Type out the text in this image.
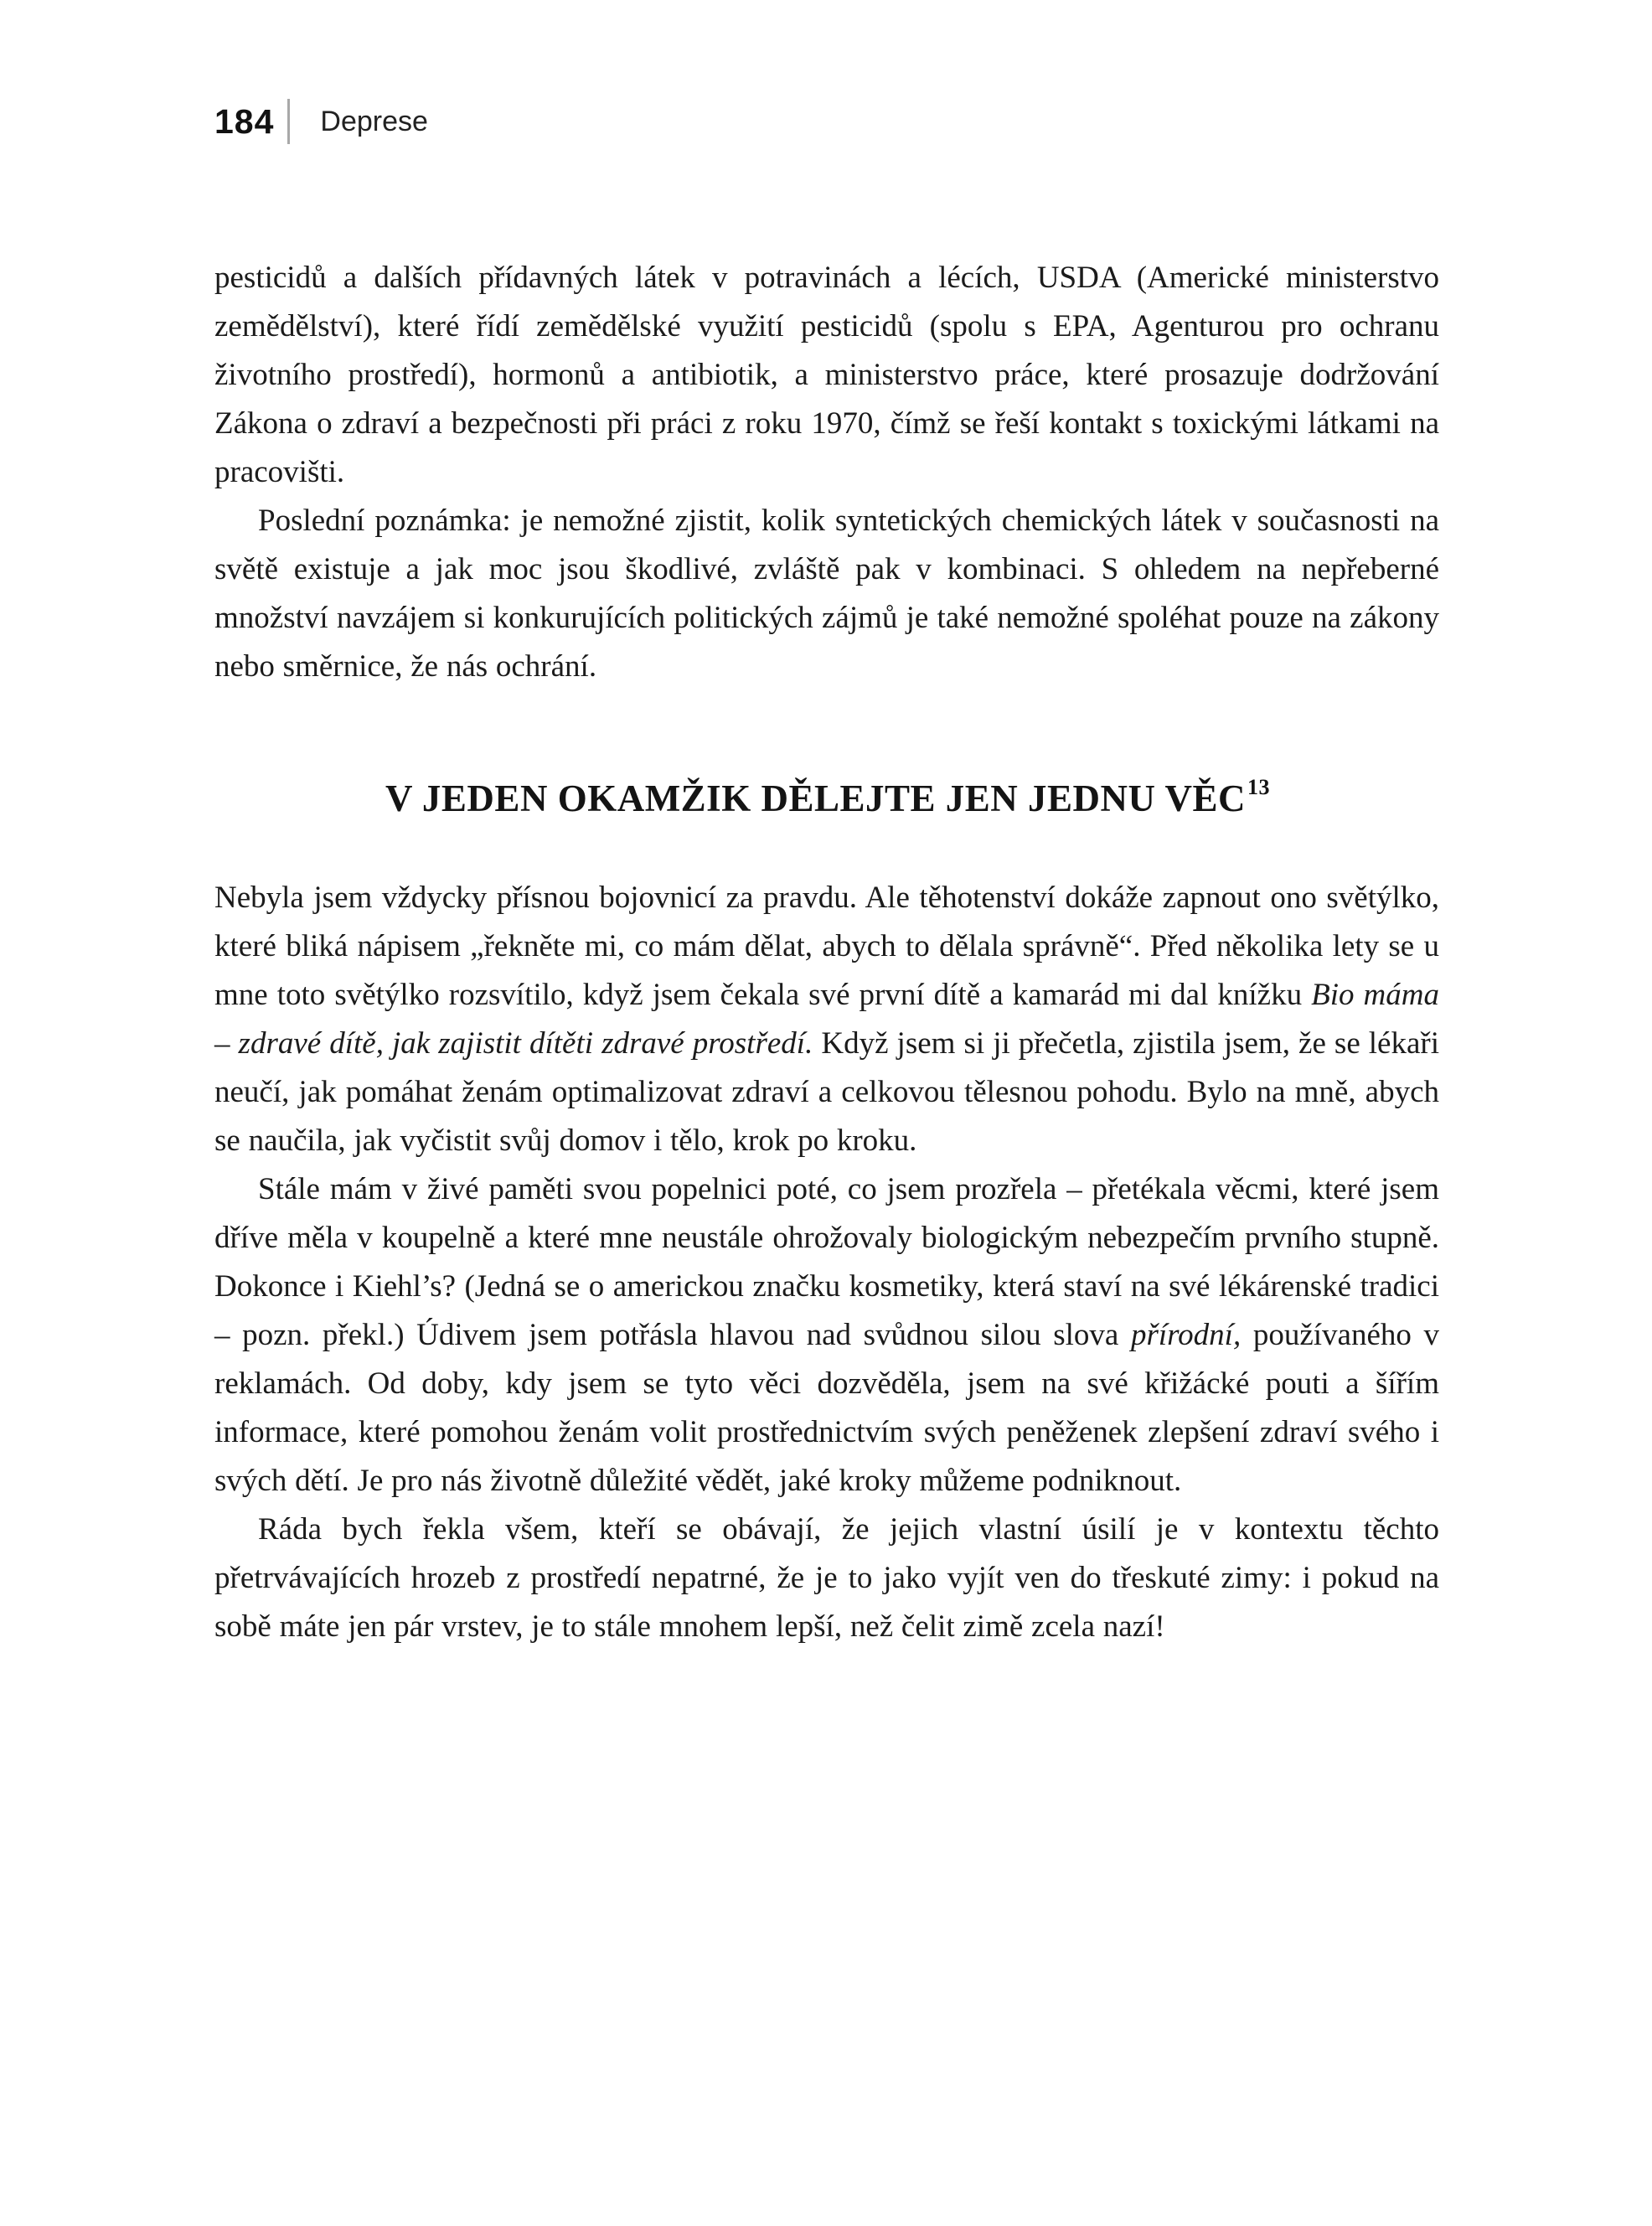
184 Deprese

pesticidů a dalších přídavných látek v potravinách a lécích, USDA (Americké ministerstvo zemědělství), které řídí zemědělské využití pesticidů (spolu s EPA, Agenturou pro ochranu životního prostředí), hormonů a antibiotik, a ministerstvo práce, které prosazuje dodržování Zákona o zdraví a bezpečnosti při práci z roku 1970, čímž se řeší kontakt s toxickými látkami na pracovišti.

Poslední poznámka: je nemožné zjistit, kolik syntetických chemických látek v současnosti na světě existuje a jak moc jsou škodlivé, zvláště pak v kombinaci. S ohledem na nepřeberné množství navzájem si konkurujících politických zájmů je také nemožné spoléhat pouze na zákony nebo směrnice, že nás ochrání.

V JEDEN OKAMŽIK DĚLEJTE JEN JEDNU VĚC$^{13}$

Nebyla jsem vždycky přísnou bojovnicí za pravdu. Ale těhotenství dokáže zapnout ono světýlko, které bliká nápisem „řekněte mi, co mám dělat, abych to dělala správně“. Před několika lety se u mne toto světýlko rozsvítilo, když jsem čekala své první dítě a kamarád mi dal knížku Bio máma – zdravé dítě, jak zajistit dítěti zdravé prostředí. Když jsem si ji přečetla, zjistila jsem, že se lékaři neučí, jak pomáhat ženám optimalizovat zdraví a celkovou tělesnou pohodu. Bylo na mně, abych se naučila, jak vyčistit svůj domov i tělo, krok po kroku.

Stále mám v živé paměti svou popelnici poté, co jsem prozřela – přetékala věcmi, které jsem dříve měla v koupelně a které mne neustále ohrožovaly biologickým nebezpečím prvního stupně. Dokonce i Kiehl’s? (Jedná se o americkou značku kosmetiky, která staví na své lékárenské tradici – pozn. překl.) Údivem jsem potřásla hlavou nad svůdnou silou slova přírodní, používaného v reklamách. Od doby, kdy jsem se tyto věci dozvěděla, jsem na své křižácké pouti a šířím informace, které pomohou ženám volit prostřednictvím svých peněženek zlepšení zdraví svého i svých dětí. Je pro nás životně důležité vědět, jaké kroky můžeme podniknout.

Ráda bych řekla všem, kteří se obávají, že jejich vlastní úsilí je v kontextu těchto přetrvávajících hrozeb z prostředí nepatrné, že je to jako vyjít ven do třeskuté zimy: i pokud na sobě máte jen pár vrstev, je to stále mnohem lepší, než čelit zimě zcela nazí!
